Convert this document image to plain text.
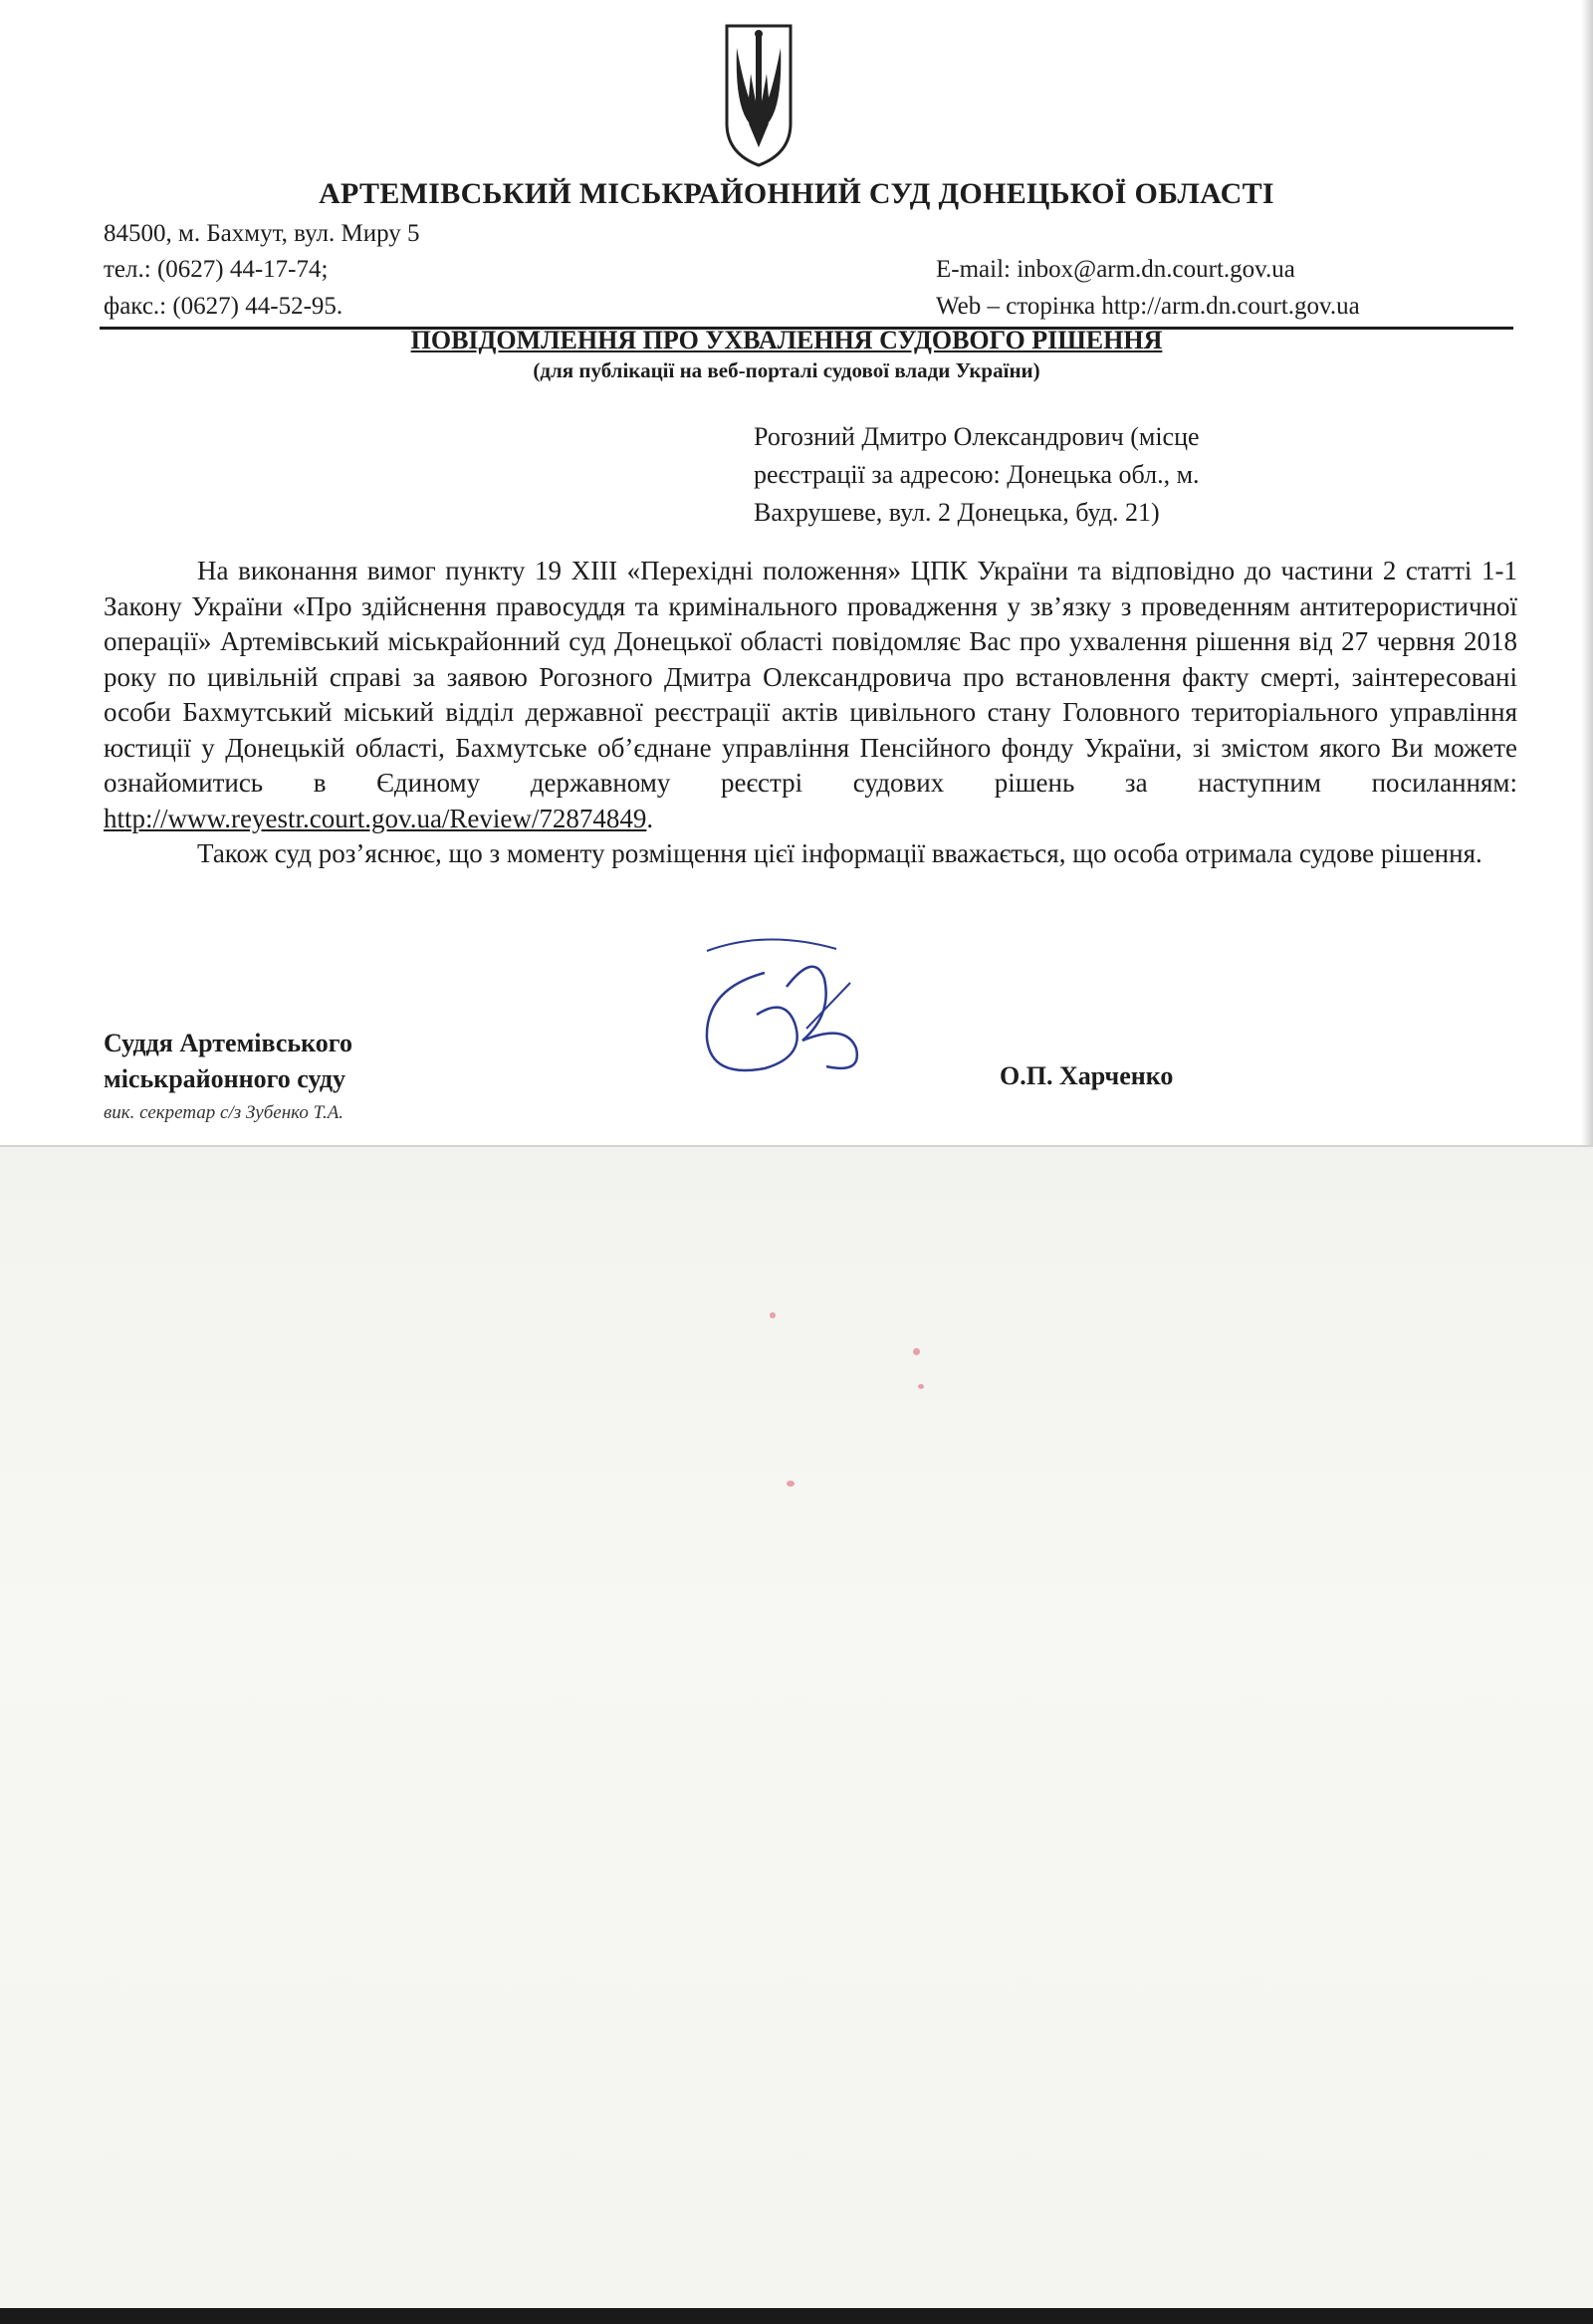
АРТЕМІВСЬКИЙ МІСЬКРАЙОННИЙ СУД ДОНЕЦЬКОЇ ОБЛАСТІ
84500, м. Бахмут, вул. Миру 5
тел.: (0627) 44-17-74;
факс.: (0627) 44-52-95.
E-mail: inbox@arm.dn.court.gov.ua
Web – сторінка http://arm.dn.court.gov.ua
ПОВІДОМЛЕННЯ ПРО УХВАЛЕННЯ СУДОВОГО РІШЕННЯ
(для публікації на веб-порталі судової влади України)
Рогозний Дмитро Олександрович (місце
реєстрації за адресою: Донецька обл., м.
Вахрушеве, вул. 2 Донецька, буд. 21)

На виконання вимог пункту 19 ХІІІ «Перехідні положення» ЦПК України та відповідно до частини 2 статті 1-1 Закону України «Про здійснення правосуддя та кримінального провадження у зв’язку з проведенням антитерористичної операції» Артемівський міськрайонний суд Донецької області повідомляє Вас про ухвалення рішення від 27 червня 2018 року по цивільній справі за заявою Рогозного Дмитра Олександровича про встановлення факту смерті, заінтересовані особи Бахмутський міський відділ державної реєстрації актів цивільного стану Головного територіального управління юстиції у Донецькій області, Бахмутське об’єднане управління Пенсійного фонду України, зі змістом якого Ви можете ознайомитись в Єдиному державному реєстрі судових рішень за наступним посиланням: http://www.reyestr.court.gov.ua/Review/72874849.

Також суд роз’яснює, що з моменту розміщення цієї інформації вважається, що особа отримала судове рішення.

Суддя Артемівського
міськрайонного суду
вик. секретар с/з Зубенко Т.А.
О.П. Харченко
